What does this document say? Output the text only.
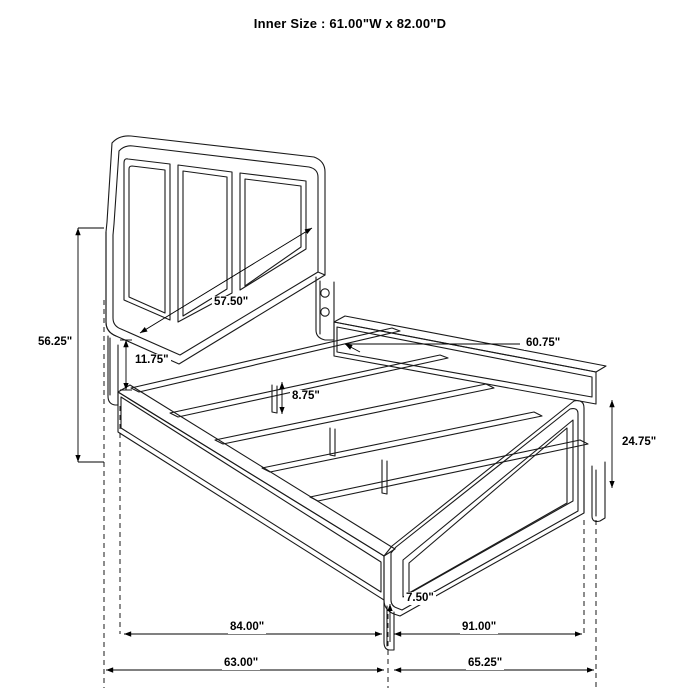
Inner Size : 61.00"W x 82.00"D
56.25"
57.50"
11.75"
8.75"
60.75"
24.75"
7.50"
84.00"	91.00"
63.00"	65.25"
